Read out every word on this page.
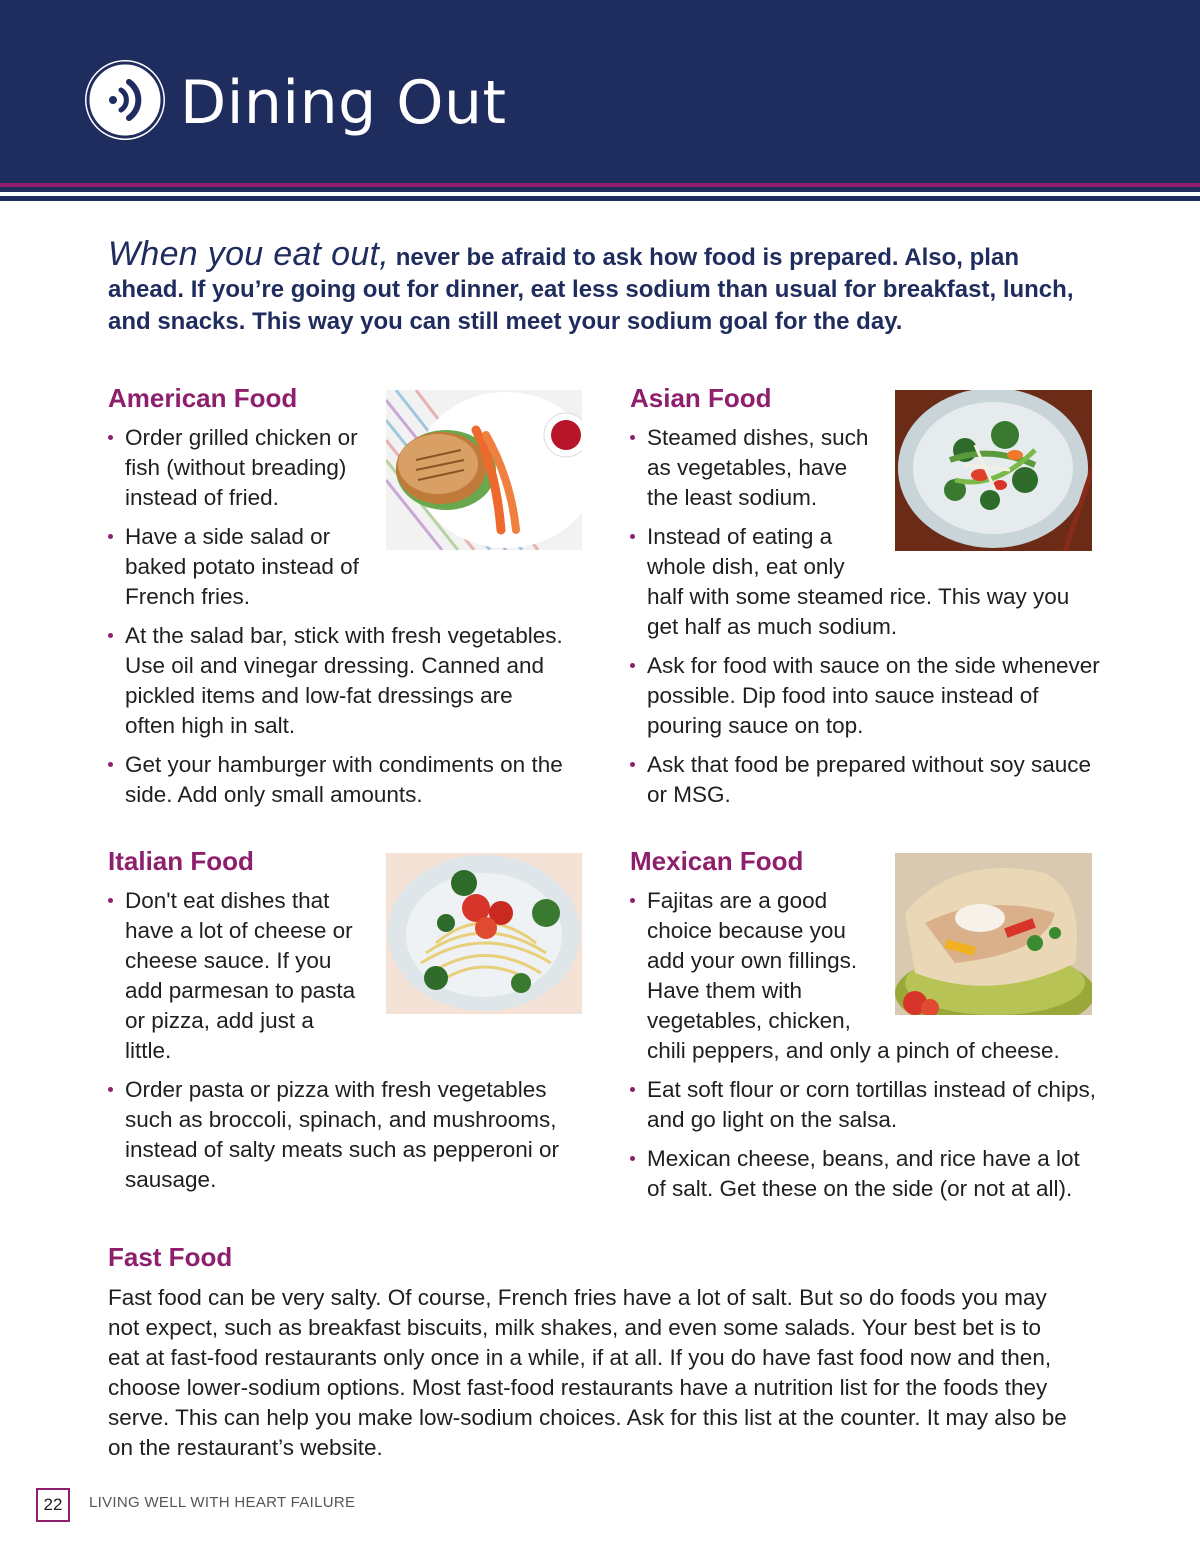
Dining Out

When you eat out, never be afraid to ask how food is prepared. Also, plan ahead. If you’re going out for dinner, eat less sodium than usual for breakfast, lunch, and snacks. This way you can still meet your sodium goal for the day.

American Food
Order grilled chicken or fish (without breading) instead of fried.
Have a side salad or baked potato instead of French fries.
At the salad bar, stick with fresh vegetables. Use oil and vinegar dressing. Canned and pickled items and low-fat dressings are often high in salt.
Get your hamburger with condiments on the side. Add only small amounts.
Asian Food
Steamed dishes, such as vegetables, have the least sodium.
Instead of eating a whole dish, eat only half with some steamed rice. This way you get half as much sodium.
Ask for food with sauce on the side whenever possible. Dip food into sauce instead of pouring sauce on top.
Ask that food be prepared without soy sauce or MSG.
Italian Food
Don't eat dishes that have a lot of cheese or cheese sauce. If you add parmesan to pasta or pizza, add just a little.
Order pasta or pizza with fresh vegetables such as broccoli, spinach, and mushrooms, instead of salty meats such as pepperoni or sausage.
Mexican Food
Fajitas are a good choice because you add your own fillings. Have them with vegetables, chicken, chili peppers, and only a pinch of cheese.
Eat soft flour or corn tortillas instead of chips, and go light on the salsa.
Mexican cheese, beans, and rice have a lot of salt. Get these on the side (or not at all).
Fast Food

Fast food can be very salty. Of course, French fries have a lot of salt. But so do foods you may not expect, such as breakfast biscuits, milk shakes, and even some salads. Your best bet is to eat at fast-food restaurants only once in a while, if at all. If you do have fast food now and then, choose lower-sodium options. Most fast-food restaurants have a nutrition list for the foods they serve. This can help you make low-sodium choices. Ask for this list at the counter. It may also be on the restaurant’s website.

22	LIVING WELL WITH HEART FAILURE
